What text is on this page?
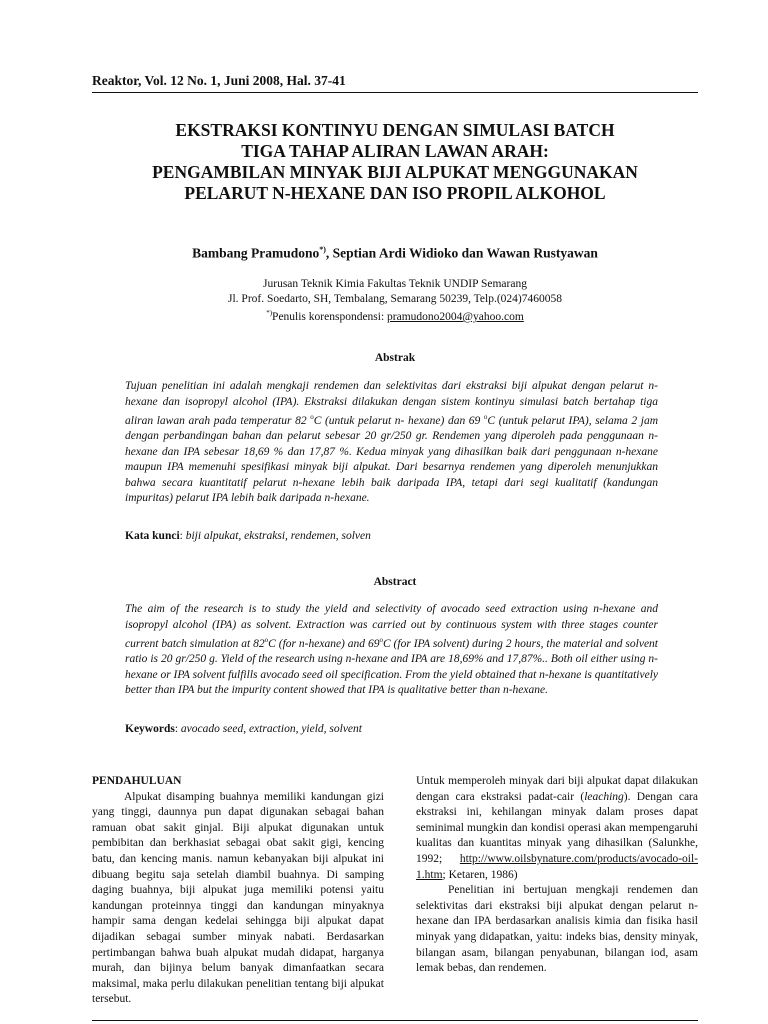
Reaktor, Vol. 12 No. 1, Juni 2008, Hal. 37-41
EKSTRAKSI KONTINYU DENGAN SIMULASI BATCH
TIGA TAHAP ALIRAN LAWAN ARAH:
PENGAMBILAN MINYAK BIJI ALPUKAT MENGGUNAKAN
PELARUT N-HEXANE DAN ISO PROPIL ALKOHOL
Bambang Pramudono*), Septian Ardi Widioko dan Wawan Rustyawan
Jurusan Teknik Kimia Fakultas Teknik UNDIP Semarang
Jl. Prof. Soedarto, SH, Tembalang, Semarang 50239, Telp.(024)7460058
*)Penulis korenspondensi: pramudono2004@yahoo.com
Abstrak
Tujuan penelitian ini adalah mengkaji rendemen dan selektivitas dari ekstraksi biji alpukat dengan pelarut n-hexane dan isopropyl alcohol (IPA). Ekstraksi dilakukan dengan sistem kontinyu simulasi batch bertahap tiga aliran lawan arah pada temperatur 82 $^o$C (untuk pelarut n- hexane) dan 69 $^o$C (untuk pelarut IPA), selama 2 jam dengan perbandingan bahan dan pelarut sebesar 20 gr/250 gr. Rendemen yang diperoleh pada penggunaan n-hexane dan IPA sebesar 18,69 % dan 17,87 %. Kedua minyak yang dihasilkan baik dari penggunaan n-hexane maupun IPA memenuhi spesifikasi minyak biji alpukat. Dari besarnya rendemen yang diperoleh menunjukkan bahwa secara kuantitatif pelarut n-hexane lebih baik daripada IPA, tetapi dari segi kualitatif (kandungan impuritas) pelarut IPA lebih baik daripada n-hexane.
Kata kunci: biji alpukat, ekstraksi, rendemen, solven
Abstract
The aim of the research is to study the yield and selectivity of avocado seed extraction using n-hexane and isopropyl alcohol (IPA) as solvent. Extraction was carried out by continuous system with three stages counter current batch simulation at 82$^o$C (for n-hexane) and 69$^o$C (for IPA solvent) during 2 hours, the material and solvent ratio is 20 gr/250 g. Yield of the research using n-hexane and IPA are 18,69% and 17,87%.. Both oil either using n-hexane or IPA solvent fulfills avocado seed oil specification. From the yield obtained that n-hexane is quantitatively better than IPA but the impurity content showed that IPA is qualitative better than n-hexane.
Keywords: avocado seed, extraction, yield, solvent
PENDAHULUAN

Alpukat disamping buahnya memiliki kandungan gizi yang tinggi, daunnya pun dapat digunakan sebagai bahan ramuan obat sakit ginjal. Biji alpukat digunakan untuk pembibitan dan berkhasiat sebagai obat sakit gigi, kencing batu, dan kencing manis. namun kebanyakan biji alpukat ini dibuang begitu saja setelah diambil buahnya. Di samping daging buahnya, biji alpukat juga memiliki potensi yaitu kandungan proteinnya tinggi dan kandungan minyaknya hampir sama dengan kedelai sehingga biji alpukat dapat dijadikan sebagai sumber minyak nabati. Berdasarkan pertimbangan bahwa buah alpukat mudah didapat, harganya murah, dan bijinya belum banyak dimanfaatkan secara maksimal, maka perlu dilakukan penelitian tentang biji alpukat tersebut.

Untuk memperoleh minyak dari biji alpukat dapat dilakukan dengan cara ekstraksi padat-cair (leaching). Dengan cara ekstraksi ini, kehilangan minyak dalam proses dapat seminimal mungkin dan kondisi operasi akan mempengaruhi kualitas dan kuantitas minyak yang dihasilkan (Salunkhe, 1992; http://www.oilsbynature.com/products/avocado-oil-1.htm; Ketaren, 1986)

Penelitian ini bertujuan mengkaji rendemen dan selektivitas dari ekstraksi biji alpukat dengan pelarut n-hexane dan IPA berdasarkan analisis kimia dan fisika hasil minyak yang didapatkan, yaitu: indeks bias, density minyak, bilangan asam, bilangan penyabunan, bilangan iod, asam lemak bebas, dan rendemen.
